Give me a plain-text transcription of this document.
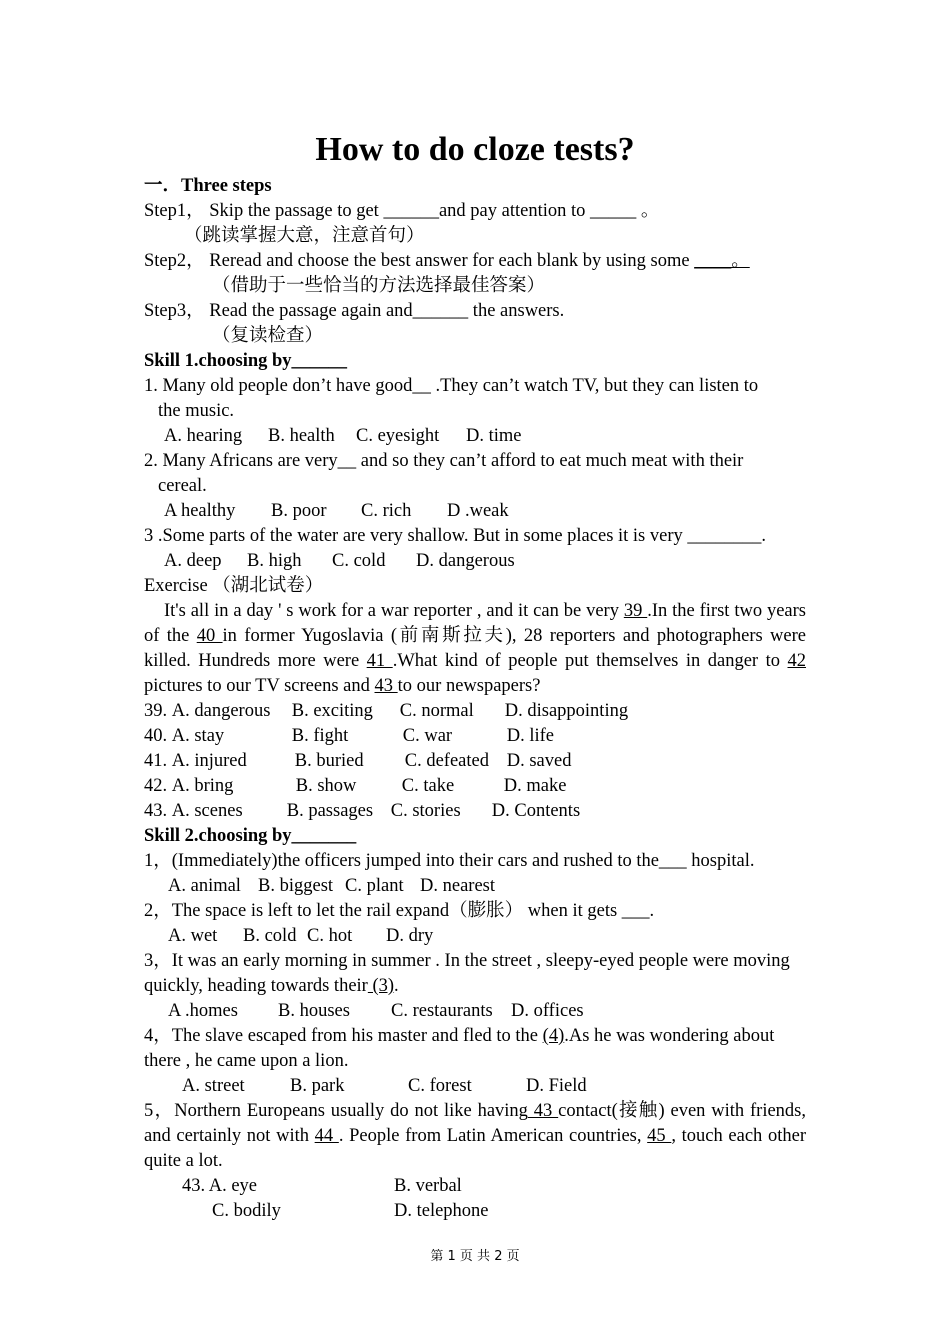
How to do cloze tests?
一．Three steps
Step1， Skip the passage to get ______and pay attention to _____ 。
（跳读掌握大意，注意首句）
Step2， Reread and choose the best answer for each blank by using some ____。
（借助于一些恰当的方法选择最佳答案）
Step3， Read the passage again and______ the answers.
（复读检查）
Skill 1.choosing by______
1. Many old people don’t have good__ .They can’t watch TV, but they can listen to
the music.
A. hearing B. health C. eyesight D. time
2. Many Africans are very__ and so they can’t afford to eat much meat with their
cereal.
A healthy B. poor C. rich D .weak
3 .Some parts of the water are very shallow. But in some places it is very ________.
A. deep B. high C. cold D. dangerous
Exercise （湖北试卷）
It's all in a day ' s work for a war reporter , and it can be very 39 .In the first two years of the 40 in former Yugoslavia (前南斯拉夫), 28 reporters and photographers were killed. Hundreds more were 41 .What kind of people put themselves in danger to 42 pictures to our TV screens and 43 to our newspapers?
39. A. dangerous B. exciting C. normal D. disappointing
40. A. stay	B. fight	C. war	D. life
41. A. injured	B. buried C. defeated D. saved
42. A. bring	B. show C. take	D. make
43. A. scenes B. passages C. stories D. Contents
Skill 2.choosing by_______
1，(Immediately)the officers jumped into their cars and rushed to the___ hospital.
A. animal B. biggest C. plant D. nearest
2，The space is left to let the rail expand（膨胀） when it gets ___.
A. wet B. cold C. hot D. dry
3，It was an early morning in summer . In the street , sleepy-eyed people were moving
quickly, heading towards their (3).
A .homes B. houses C. restaurants D. offices
4，The slave escaped from his master and fled to the (4).As he was wondering about
there , he came upon a lion.
A. street B. park	C. forest	D. Field
5，Northern Europeans usually do not like having 43 contact(接触) even with friends, and certainly not with 44 . People from Latin American countries, 45 , touch each other quite a lot.
43. A. eye	B. verbal
C. bodily	D. telephone
第 1 页 共 2 页
